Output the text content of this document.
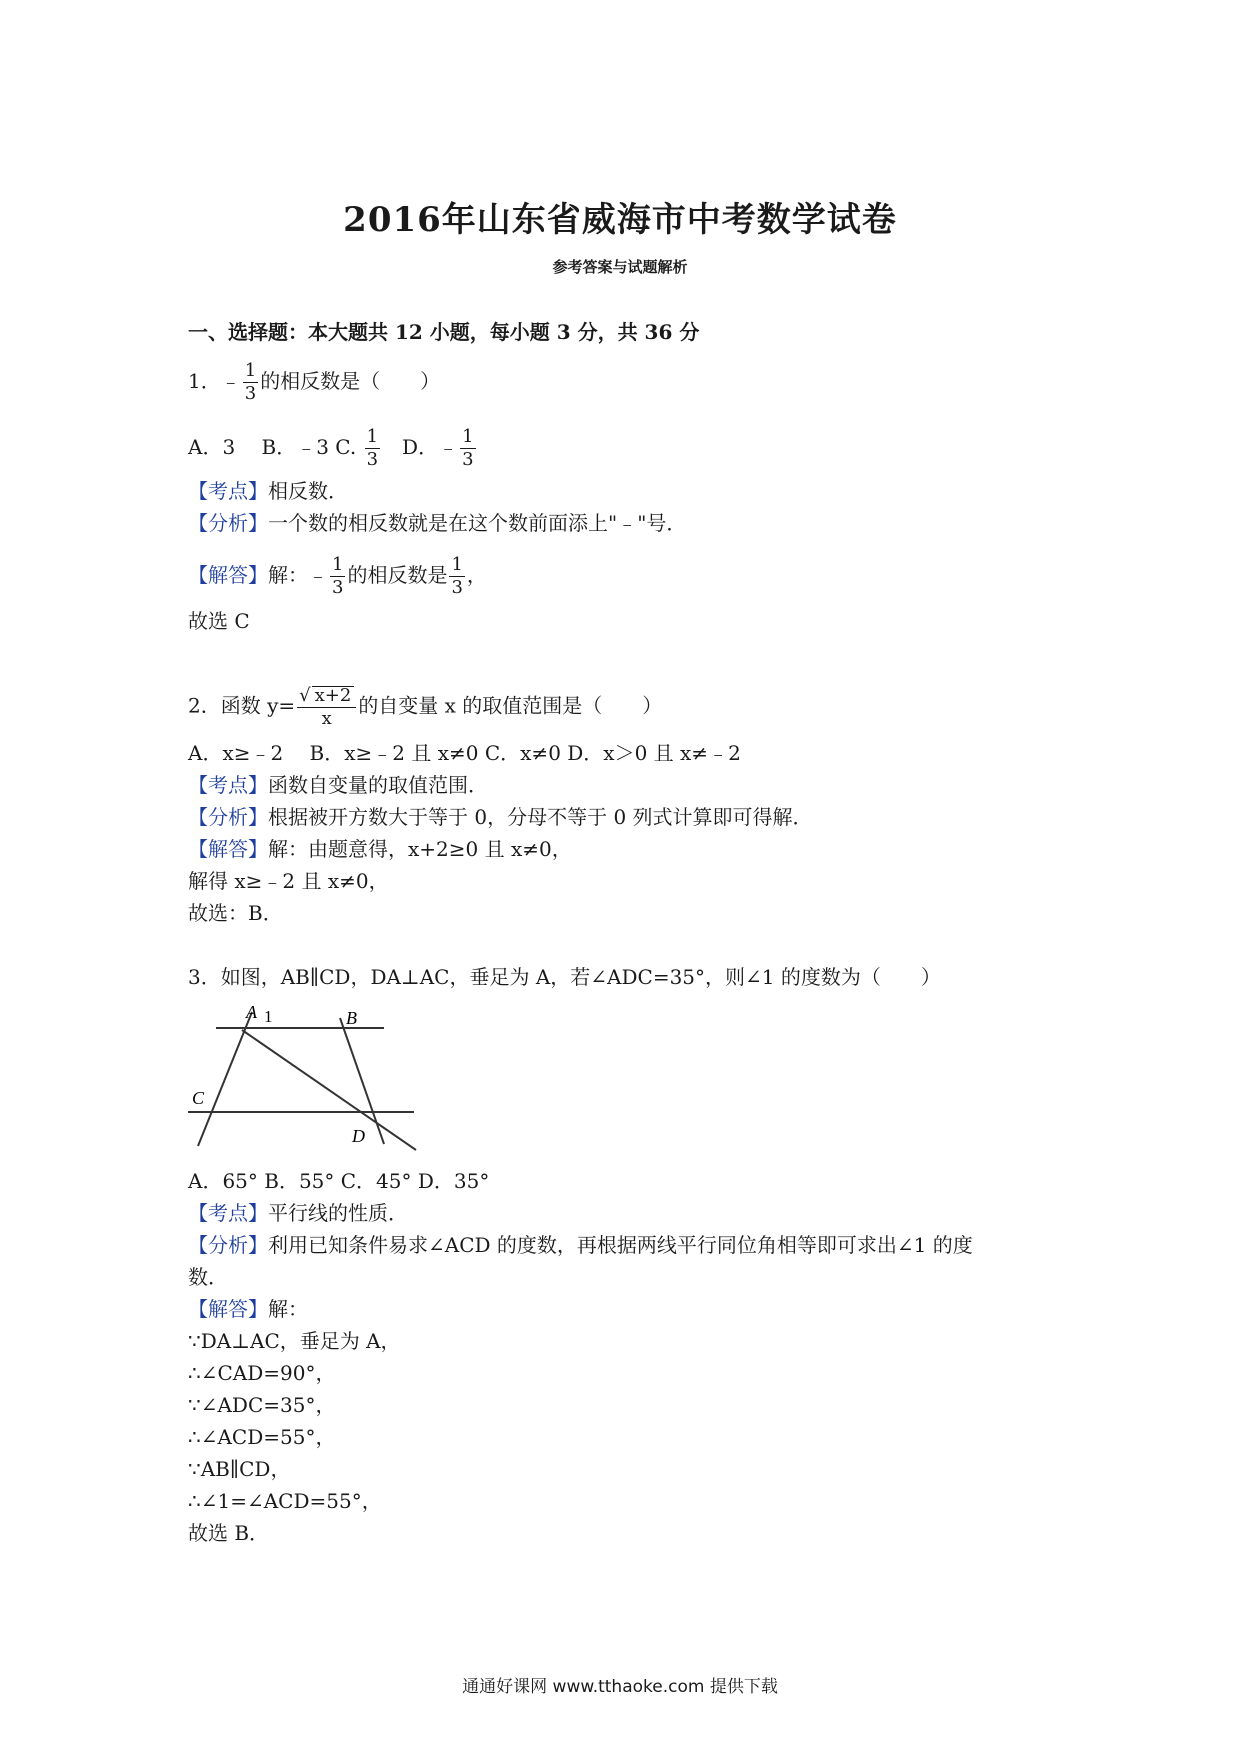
2016年山东省威海市中考数学试卷
参考答案与试题解析
一、选择题：本大题共 12 小题，每小题 3 分，共 36 分
1．﹣ $\frac{1}{3}$ 的相反数是（　　）
A．3　 B．﹣3 C. $\frac{1}{3}$ 　D．﹣ $\frac{1}{3}$
【考点】相反数．
【分析】一个数的相反数就是在这个数前面添上"﹣"号．
【解答】解：﹣ $\frac{1}{3}$ 的相反数是 $\frac{1}{3}$ ，
故选 C
2．函数 $y= \frac{√ x+2}{x}$ 的自变量 x 的取值范围是（　　）
A．x≥﹣2　 B．x≥﹣2 且 x≠0 C．x≠0 D．x＞0 且 x≠﹣2
【考点】函数自变量的取值范围．
【分析】根据被开方数大于等于 0，分母不等于 0 列式计算即可得解．
【解答】解：由题意得，x+2≥0 且 x≠0，
解得 x≥﹣2 且 x≠0，
故选：B．
3．如图，AB∥CD，DA⊥AC，垂足为 A，若∠ADC=35°，则∠1 的度数为（　　）
A 1	B
C
D
A．65° B．55° C．45° D．35°
【考点】平行线的性质．
【分析】利用已知条件易求∠ACD 的度数，再根据两线平行同位角相等即可求出∠1 的度
数．
【解答】解：
∵DA⊥AC，垂足为 A，
∴∠CAD=90°，
∵∠ADC=35°，
∴∠ACD=55°，
∵AB∥CD，
∴∠1=∠ACD=55°，
故选 B．
通通好课网 www.tthaoke.com 提供下载
